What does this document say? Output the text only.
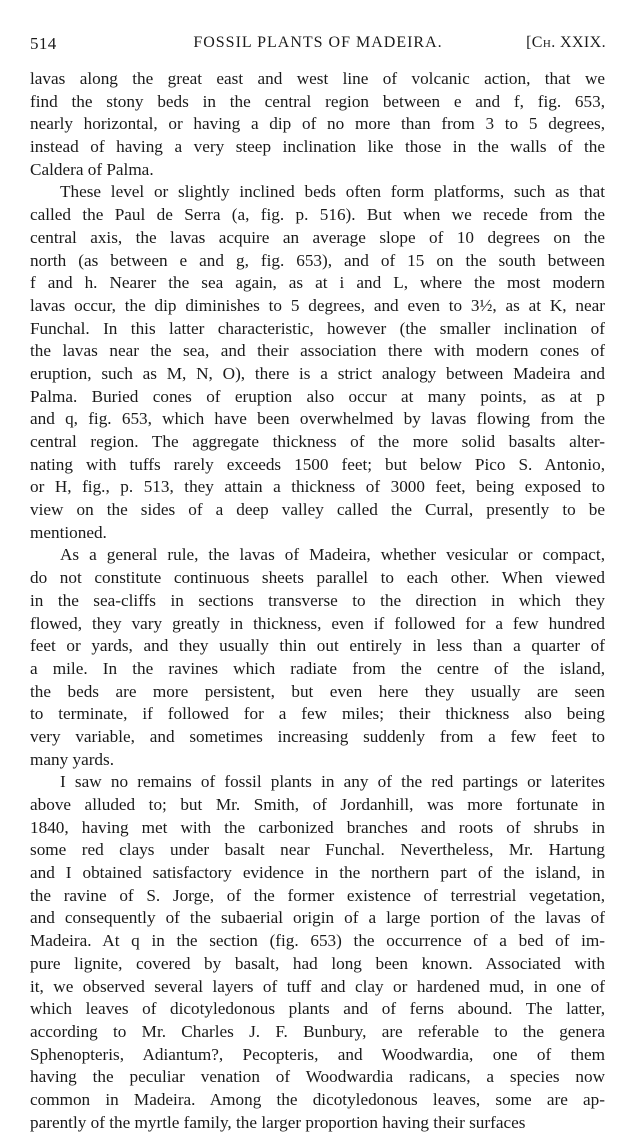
514	FOSSIL PLANTS OF MADEIRA.	[Ch. XXIX.
lavas along the great east and west line of volcanic action, that we
find the stony beds in the central region between e and f, fig. 653,
nearly horizontal, or having a dip of no more than from 3 to 5 degrees,
instead of having a very steep inclination like those in the walls of the
Caldera of Palma.
These level or slightly inclined beds often form platforms, such as that
called the Paul de Serra (a, fig. p. 516). But when we recede from the
central axis, the lavas acquire an average slope of 10 degrees on the
north (as between e and g, fig. 653), and of 15 on the south between
f and h. Nearer the sea again, as at i and L, where the most modern
lavas occur, the dip diminishes to 5 degrees, and even to 3½, as at K, near
Funchal. In this latter characteristic, however (the smaller inclination of
the lavas near the sea, and their association there with modern cones of
eruption, such as M, N, O), there is a strict analogy between Madeira and
Palma. Buried cones of eruption also occur at many points, as at p
and q, fig. 653, which have been overwhelmed by lavas flowing from the
central region. The aggregate thickness of the more solid basalts alter-
nating with tuffs rarely exceeds 1500 feet; but below Pico S. Antonio,
or H, fig., p. 513, they attain a thickness of 3000 feet, being exposed to
view on the sides of a deep valley called the Curral, presently to be
mentioned.
As a general rule, the lavas of Madeira, whether vesicular or compact,
do not constitute continuous sheets parallel to each other. When viewed
in the sea-cliffs in sections transverse to the direction in which they
flowed, they vary greatly in thickness, even if followed for a few hundred
feet or yards, and they usually thin out entirely in less than a quarter of
a mile. In the ravines which radiate from the centre of the island,
the beds are more persistent, but even here they usually are seen
to terminate, if followed for a few miles; their thickness also being
very variable, and sometimes increasing suddenly from a few feet to
many yards.
I saw no remains of fossil plants in any of the red partings or laterites
above alluded to; but Mr. Smith, of Jordanhill, was more fortunate in
1840, having met with the carbonized branches and roots of shrubs in
some red clays under basalt near Funchal. Nevertheless, Mr. Hartung
and I obtained satisfactory evidence in the northern part of the island, in
the ravine of S. Jorge, of the former existence of terrestrial vegetation,
and consequently of the subaerial origin of a large portion of the lavas of
Madeira. At q in the section (fig. 653) the occurrence of a bed of im-
pure lignite, covered by basalt, had long been known. Associated with
it, we observed several layers of tuff and clay or hardened mud, in one of
which leaves of dicotyledonous plants and of ferns abound. The latter,
according to Mr. Charles J. F. Bunbury, are referable to the genera
Sphenopteris, Adiantum?, Pecopteris, and Woodwardia, one of them
having the peculiar venation of Woodwardia radicans, a species now
common in Madeira. Among the dicotyledonous leaves, some are ap-
parently of the myrtle family, the larger proportion having their surfaces
